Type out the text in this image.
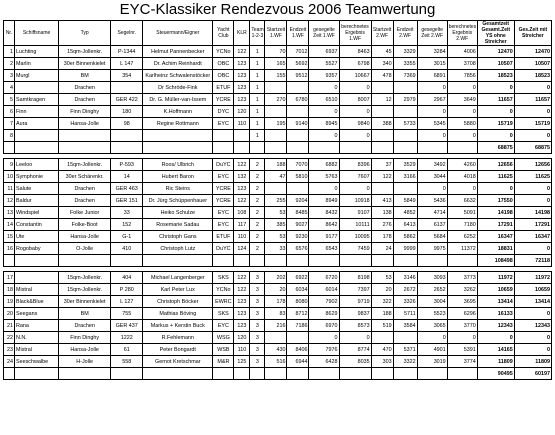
EYC-Klassiker Rendezvous 2006 Teamwertung
Nr.	Schiffsname	Typ	Segelnr.	Steuermann/Eigner	Yacht Club	KLR	Team 1-2-3	Startzeit 1.WF	Endzeit 1.WF	gesegelte Zeit 1.WF	berechnetes Ergebnis 1.WF	Startzeit 2.WF	Endzeit 2.WF	gesegelte Zeit 2.WF	berechnetes Ergebnis 2.WF	Gesamtzeit Gesamt.Zeit YS ohne Streicher	Ges.Zeit mit Streicher
1	Luchting	15qm-Jollenkr.	P-1344	Helmut Pannenbecker	YCNo	122	1	70	7012	6937	8463	45	3329	3284	4006	12470	12470
2	Marlin	30er Binnenkielet	L 147	Dr. Achim Reinhardt	OBC	123	1	165	5692	5527	6798	340	3355	3015	3708	10507	10507
3	Murgl	BM	354	Karlheinz Schwalenstöcker	OBC	123	1	155	9512	9357	10667	478	7369	6891	7856	18523	18523
4		Drachen		Dr Schröde-Fink	ETUF	123	1			0	0			0	0	0	0
5	Samtkragen	Drachen	GER 422	Dr. G. Müller-van-Issem	YCRE	123	1	270	6780	6510	8007	12	2979	2967	3649	11657	11657
6	Finn	Finn Dinghy	180	K.Hoffmann	DYC	120	1			0	0			0	0	0	0
7	Aura	Hansa-Jolle	98	Regine Rottmann	EYC	110	1	195	9140	8945	9840	388	5733	5345	5880	15719	15719
8							1			0	0			0	0	0	0
																68875	68875

9	Leeloo	15qm-Jollenkr.	P-593	Roos/ Ulbrich	DuYC	122	2	188	7070	6882	8396	37	3529	3492	4260	12656	12656
10	Symphonie	30er Schärenkr.	14	Hubert Baron	EYC	132	2	47	5810	5763	7607	122	3166	3044	4018	11625	11625
11	Salute	Drachen	GER 463	Ric Steins	YCRE	123	2			0	0			0	0	0	0
12	Baldur	Drachen	GER 151	Dr. Jürg Schüppenhauer	YCRE	122	2	255	9204	8949	10918	413	5849	5436	6632	17550	0
13	Windspiel	Folke Junior	33	Heiko Schulze	EYC	108	2	53	8485	8432	9107	138	4852	4714	5091	14198	14198
14	Constantin	Folke-Boot	152	Rosemarie Sadau	EYC	117	2	385	9027	8642	10111	276	6413	6137	7180	17291	17291
15	Ute	Hansa-Jolle	G-1	Christoph Gans	ETUF	110	2	53	9230	9177	10095	178	5862	5684	6252	16347	16347
16	Rogobaby	O-Jolle	410	Christoph Lutz	DuYC	124	2	33	6576	6543	7459	24	9999	9975	11372	18831	0
																108498	72118

17		15qm-Jollenkr.	404	Michael Langenberger	SKS	122	3	202	6922	6720	8198	53	3146	3093	3773	11972	11972
18	Mistral	15qm-Jollenkr.	P 280	Karl Peter Lux	YCNo	122	3	20	6034	6014	7397	20	2672	2652	3262	10659	10659
19	Black&Blue	30er Binnenkielet	L 127	Christoph Böcker	EWRC	123	3	178	8080	7902	9719	322	3326	3004	3695	13414	13414
20	Seegans	BM	755	Mathias Böving	SKS	123	3	83	8712	8629	9837	188	5711	5523	6296	16133	0
21	Rana	Drachen	GER 437	Markus + Kerstin Buck	EYC	123	3	216	7186	6970	8573	519	3584	3065	3770	12343	12343
22	N.N.	Finn Dinghy	1222	R.Fehlemann	WSG	120	3			0	0			0	0	0	0
23	Mistral	Hansa-Jolle	61	Peter Bongardt	WSB	110	3	430	8406	7976	8774	470	5371	4901	5391	14165	0
24	Seeschwalbe	H-Jolle	558	Gernot Kretschmar	M&R	125	3	516	6944	6428	8035	303	3322	3019	3774	11809	11809
																90495	60197
